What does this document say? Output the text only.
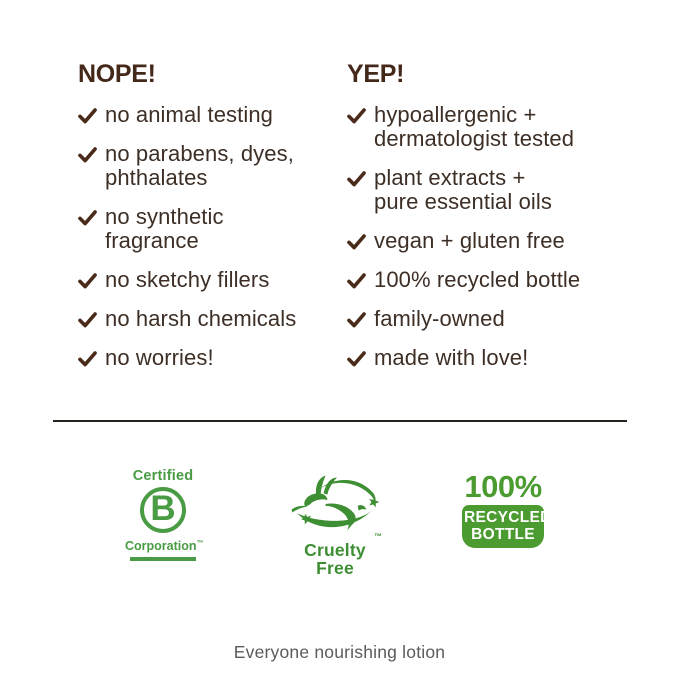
NOPE!
no animal testing
no parabens, dyes,
phthalates
no synthetic
fragrance
no sketchy fillers
no harsh chemicals
no worries!
YEP!
hypoallergenic +
dermatologist tested
plant extracts +
pure essential oils
vegan + gluten free
100% recycled bottle
family-owned
made with love!
Certified
B
Corporation™
™
Cruelty Free
100%
RECYCLED
BOTTLE
Everyone nourishing lotion
